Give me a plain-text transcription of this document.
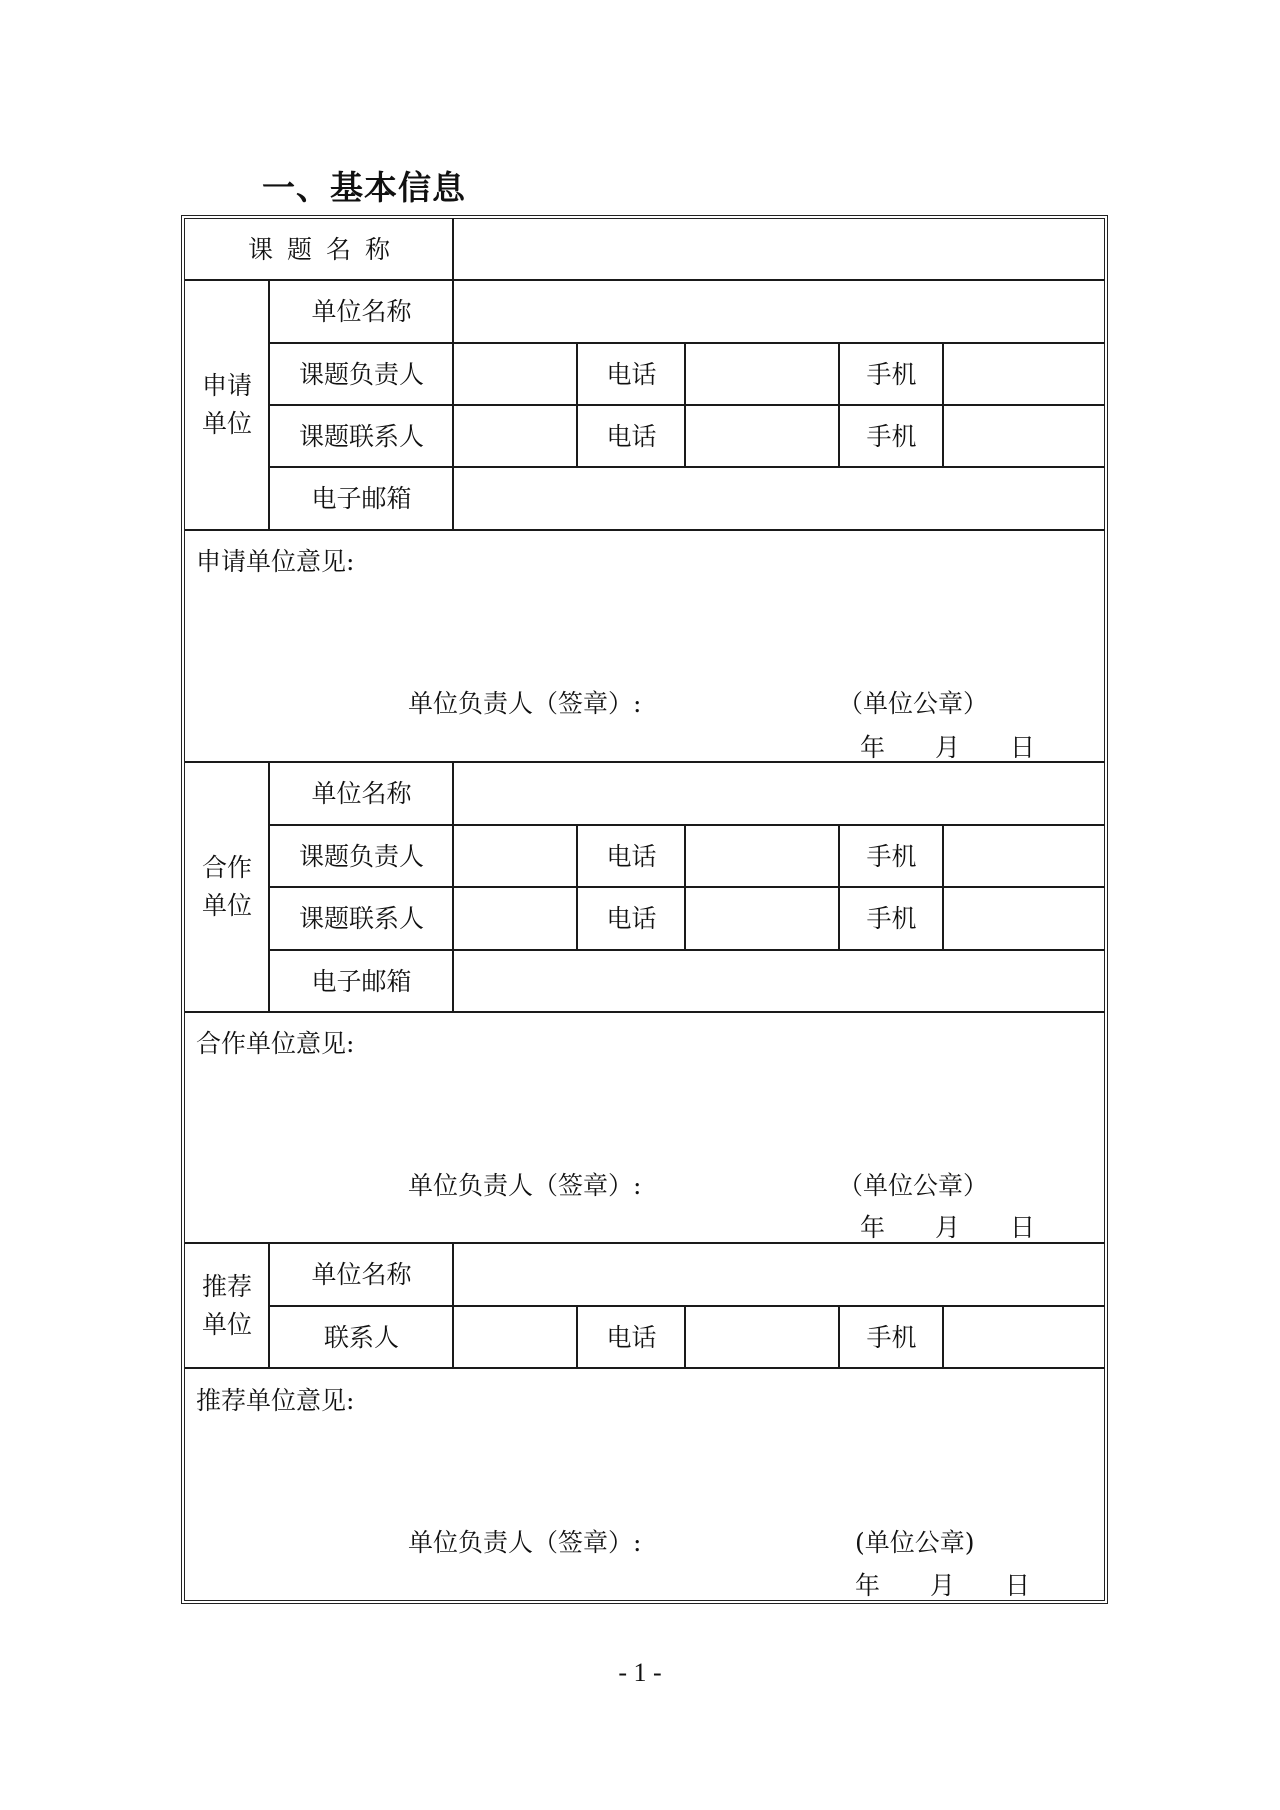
一、基本信息
课题名称
申请
单位
单位名称
课题负责人	电话	手机
课题联系人	电话	手机
电子邮箱
申请单位意见:
单位负责人（签章）:	（单位公章）
年　　月　　日
合作
单位
单位名称
课题负责人	电话	手机
课题联系人	电话	手机
电子邮箱
合作单位意见:
单位负责人（签章）:	（单位公章）
年　　月　　日
推荐
单位
单位名称
联系人	电话	手机
推荐单位意见:
单位负责人（签章）:	(单位公章)
年　　月　　日
- 1 -
